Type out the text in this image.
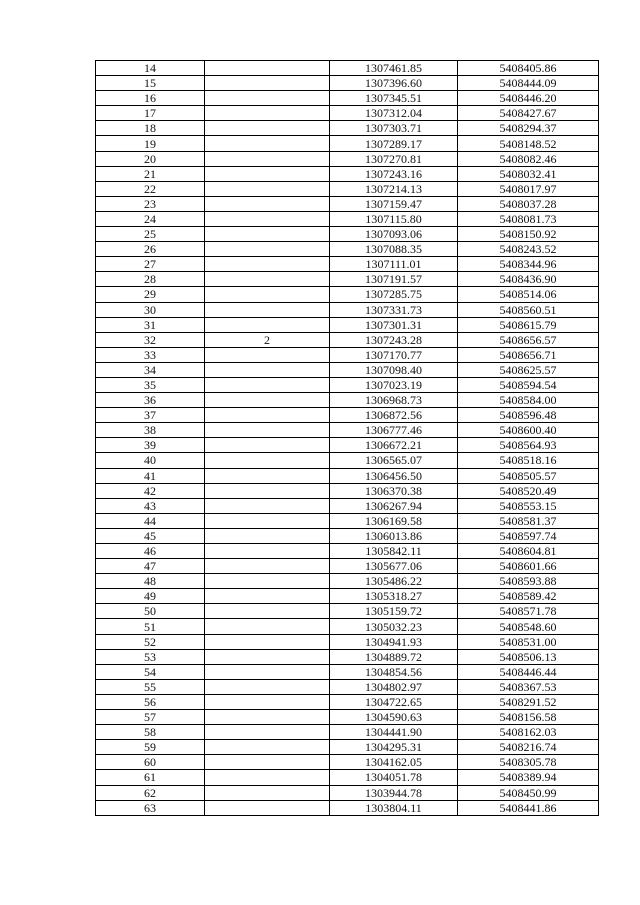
14		1307461.85	5408405.86
15		1307396.60	5408444.09
16		1307345.51	5408446.20
17		1307312.04	5408427.67
18		1307303.71	5408294.37
19		1307289.17	5408148.52
20		1307270.81	5408082.46
21		1307243.16	5408032.41
22		1307214.13	5408017.97
23		1307159.47	5408037.28
24		1307115.80	5408081.73
25		1307093.06	5408150.92
26		1307088.35	5408243.52
27		1307111.01	5408344.96
28		1307191.57	5408436.90
29		1307285.75	5408514.06
30		1307331.73	5408560.51
31		1307301.31	5408615.79
32	2	1307243.28	5408656.57
33		1307170.77	5408656.71
34		1307098.40	5408625.57
35		1307023.19	5408594.54
36		1306968.73	5408584.00
37		1306872.56	5408596.48
38		1306777.46	5408600.40
39		1306672.21	5408564.93
40		1306565.07	5408518.16
41		1306456.50	5408505.57
42		1306370.38	5408520.49
43		1306267.94	5408553.15
44		1306169.58	5408581.37
45		1306013.86	5408597.74
46		1305842.11	5408604.81
47		1305677.06	5408601.66
48		1305486.22	5408593.88
49		1305318.27	5408589.42
50		1305159.72	5408571.78
51		1305032.23	5408548.60
52		1304941.93	5408531.00
53		1304889.72	5408506.13
54		1304854.56	5408446.44
55		1304802.97	5408367.53
56		1304722.65	5408291.52
57		1304590.63	5408156.58
58		1304441.90	5408162.03
59		1304295.31	5408216.74
60		1304162.05	5408305.78
61		1304051.78	5408389.94
62		1303944.78	5408450.99
63		1303804.11	5408441.86
